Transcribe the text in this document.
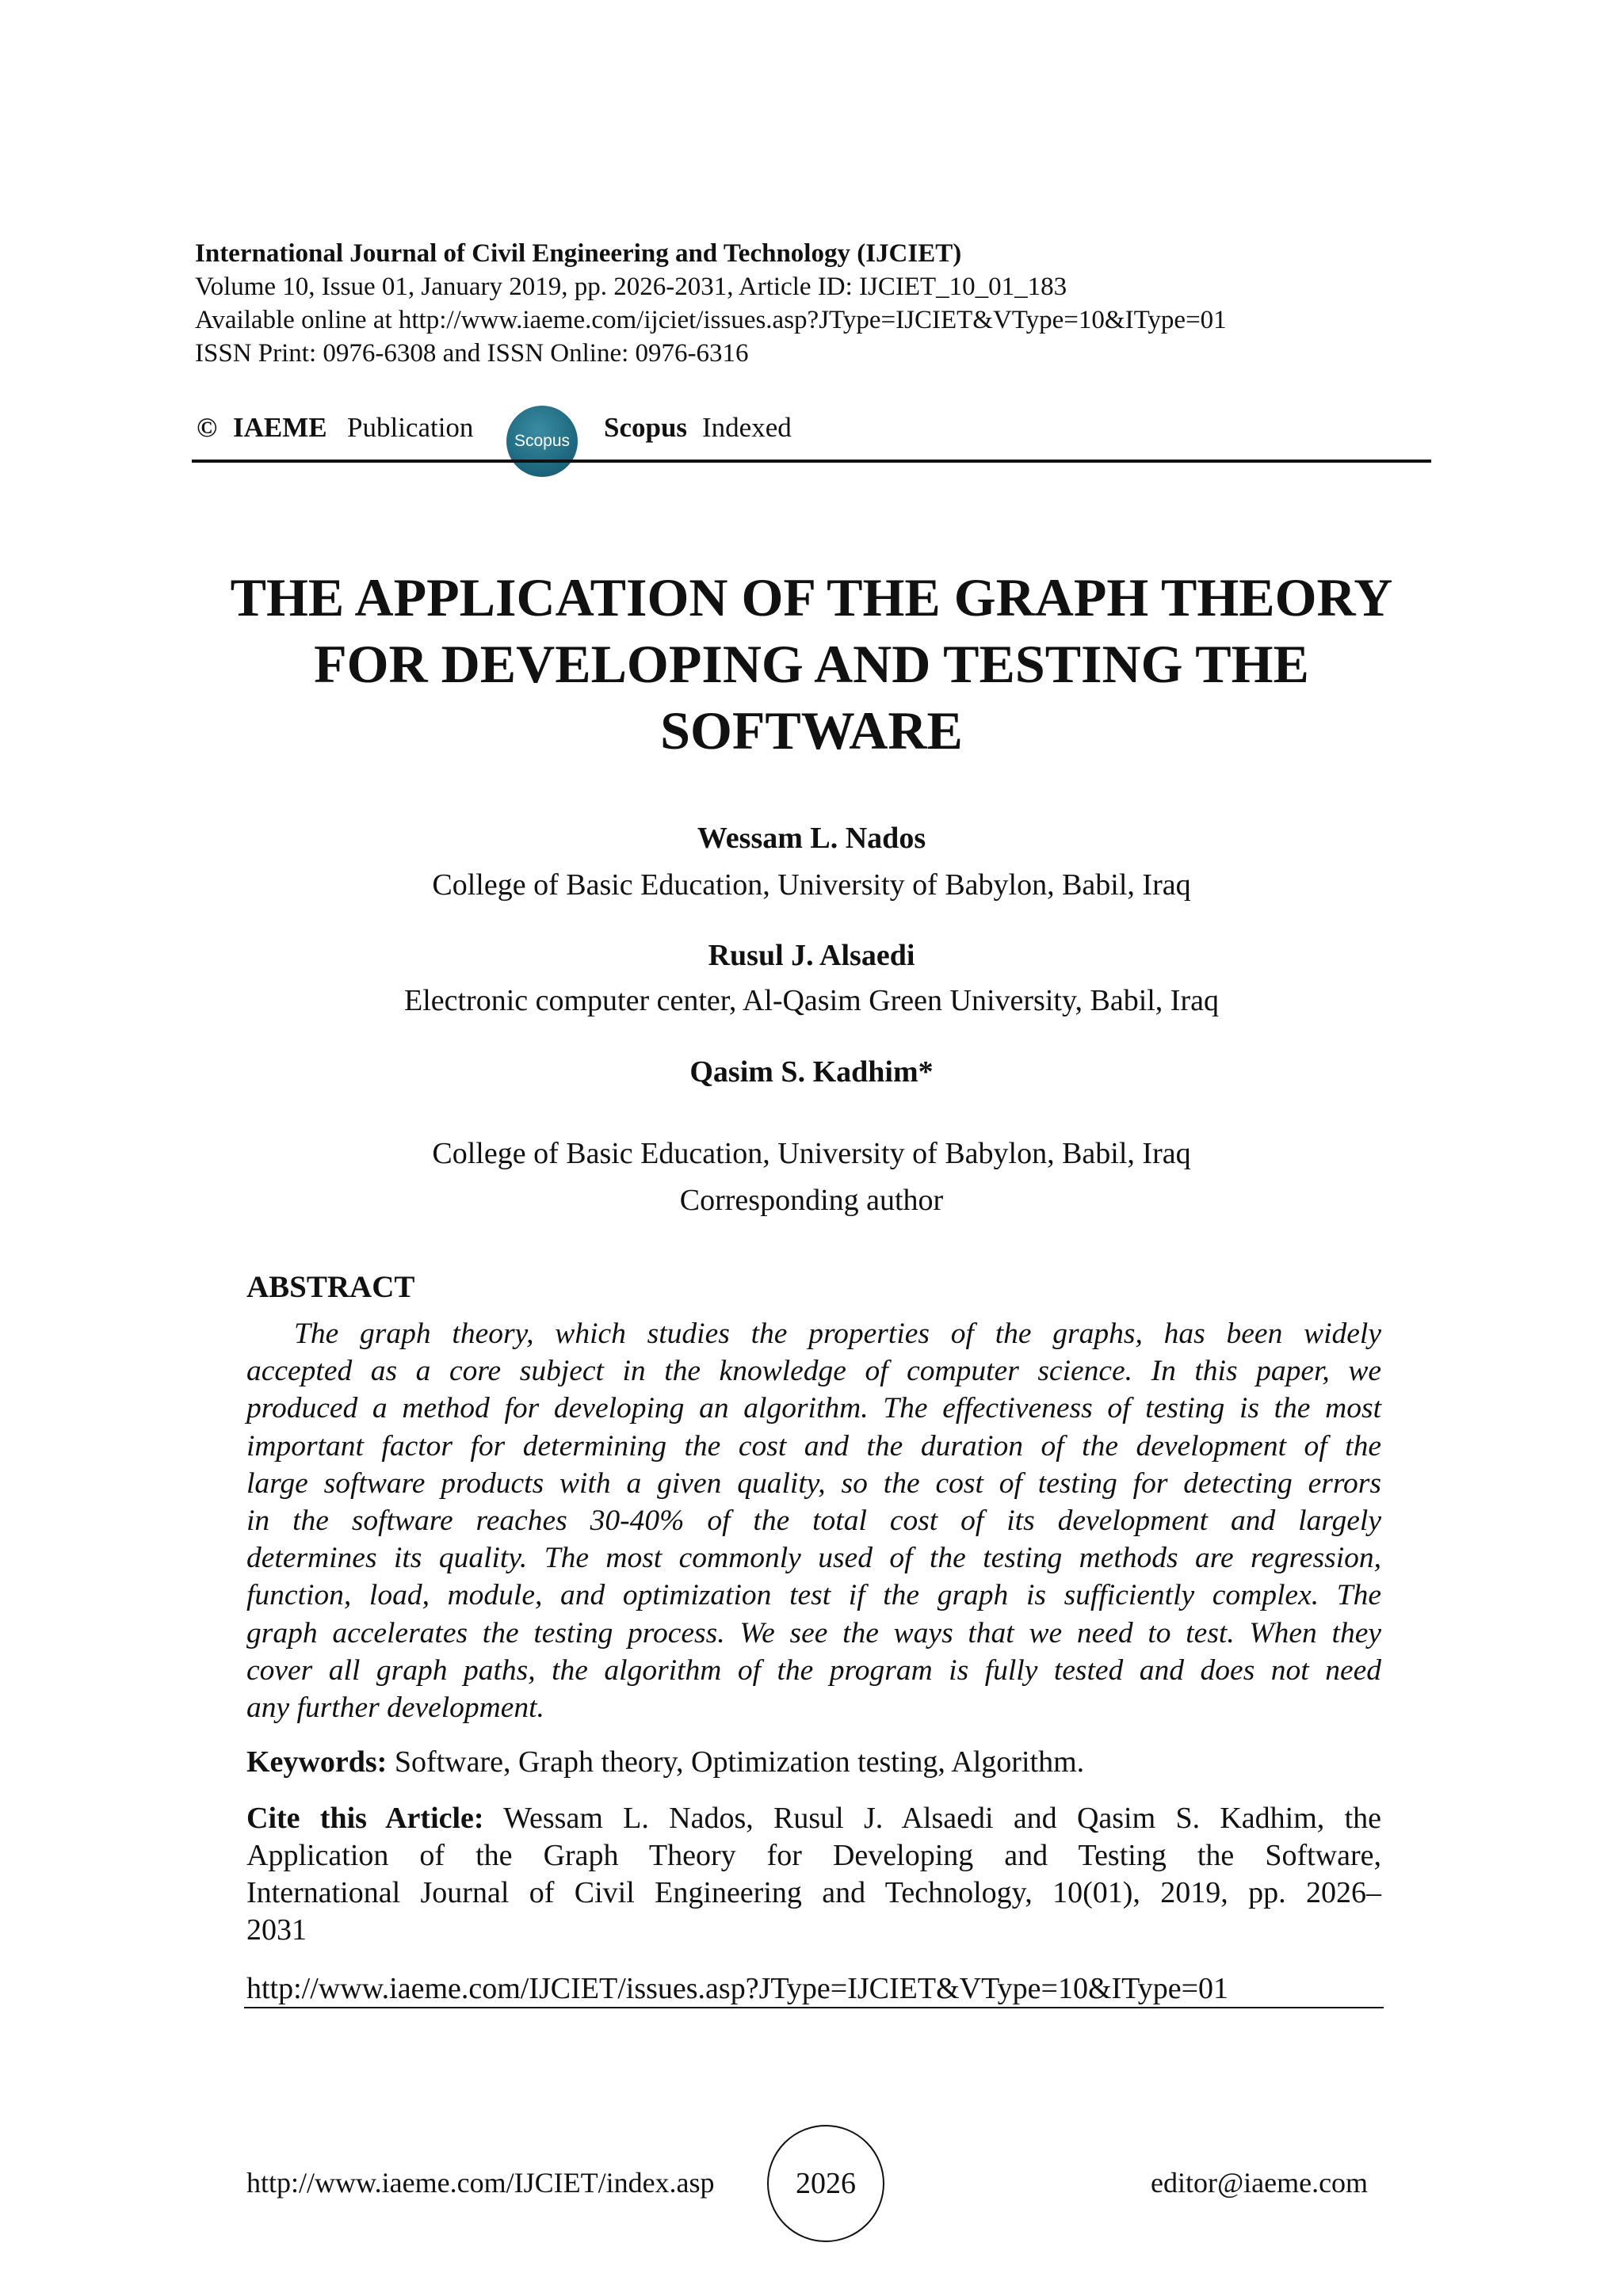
International Journal of Civil Engineering and Technology (IJCIET)
Volume 10, Issue 01, January 2019, pp. 2026-2031, Article ID: IJCIET_10_01_183
Available online at http://www.iaeme.com/ijciet/issues.asp?JType=IJCIET&VType=10&IType=01
ISSN Print: 0976-6308 and ISSN Online: 0976-6316
© IAEME Publication Scopus Scopus Indexed
THE APPLICATION OF THE GRAPH THEORY
FOR DEVELOPING AND TESTING THE
SOFTWARE
Wessam L. Nados
College of Basic Education, University of Babylon, Babil, Iraq
Rusul J. Alsaedi
Electronic computer center, Al-Qasim Green University, Babil, Iraq
Qasim S. Kadhim*
College of Basic Education, University of Babylon, Babil, Iraq
Corresponding author
ABSTRACT
The graph theory, which studies the properties of the graphs, has been widely
accepted as a core subject in the knowledge of computer science. In this paper, we
produced a method for developing an algorithm. The effectiveness of testing is the most
important factor for determining the cost and the duration of the development of the
large software products with a given quality, so the cost of testing for detecting errors
in the software reaches 30-40% of the total cost of its development and largely
determines its quality. The most commonly used of the testing methods are regression,
function, load, module, and optimization test if the graph is sufficiently complex. The
graph accelerates the testing process. We see the ways that we need to test. When they
cover all graph paths, the algorithm of the program is fully tested and does not need
any further development.
Keywords: Software, Graph theory, Optimization testing, Algorithm.
Cite this Article: Wessam L. Nados, Rusul J. Alsaedi and Qasim S. Kadhim, the
Application of the Graph Theory for Developing and Testing the Software,
International Journal of Civil Engineering and Technology, 10(01), 2019, pp. 2026–
2031
http://www.iaeme.com/IJCIET/issues.asp?JType=IJCIET&VType=10&IType=01
http://www.iaeme.com/IJCIET/index.asp	2026	editor@iaeme.com
